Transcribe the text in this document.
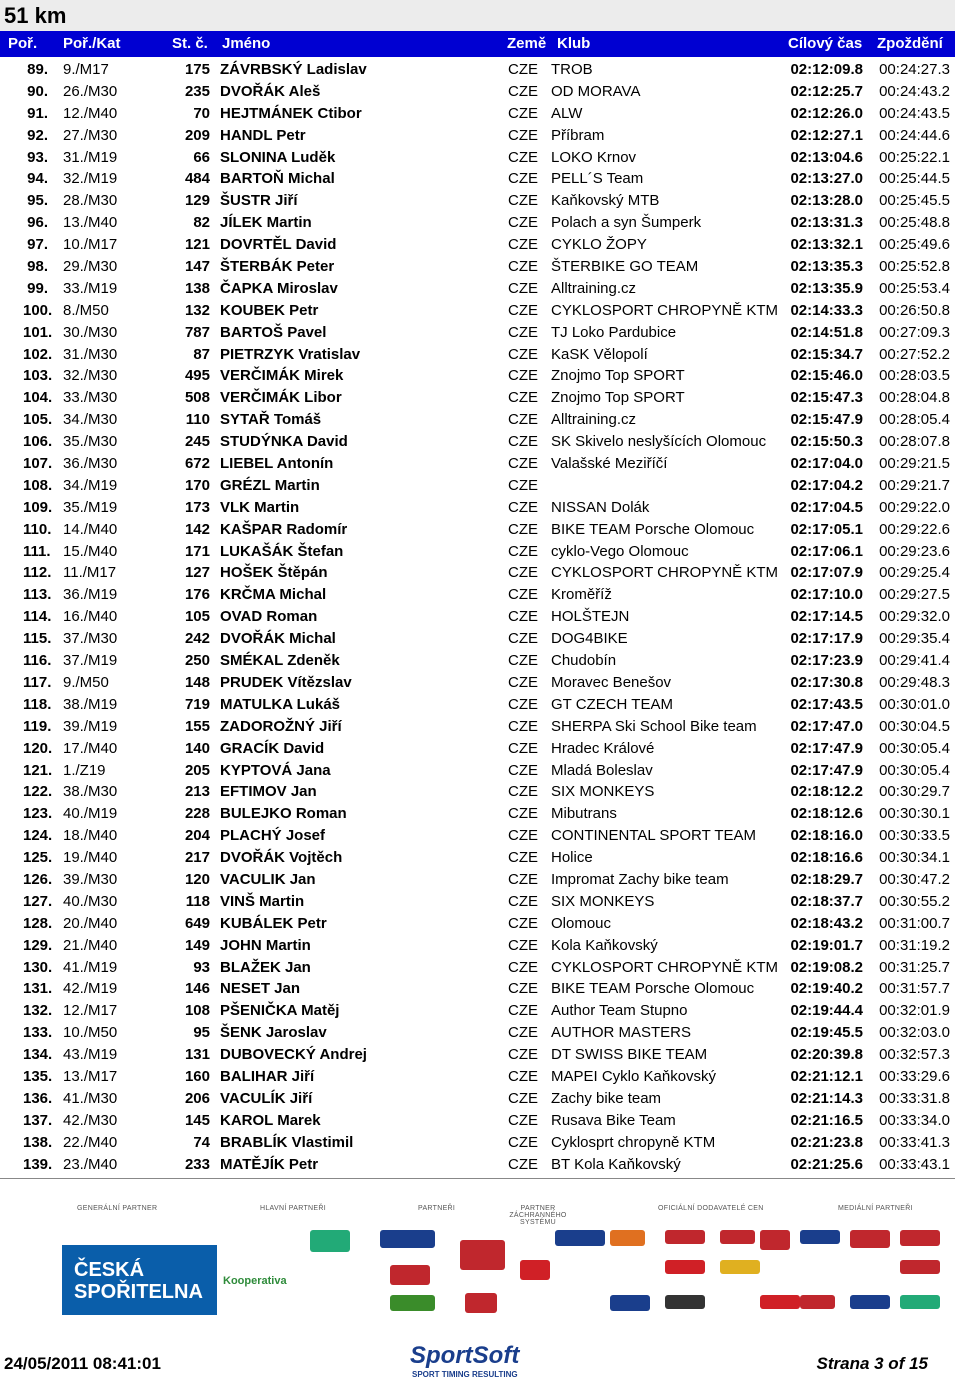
51 km
Poř. Poř./Kat	St. č. Jméno	Země Klub	Cílový čas Zpoždění
89. 9./M17	175 ZÁVRBSKÝ Ladislav	CZE TROB	02:12:09.8	00:24:27.3
90. 26./M30	235 DVOŘÁK Aleš	CZE OD MORAVA	02:12:25.7	00:24:43.2
91. 12./M40	70 HEJTMÁNEK Ctibor	CZE ALW	02:12:26.0	00:24:43.5
92. 27./M30	209 HANDL Petr	CZE Příbram	02:12:27.1	00:24:44.6
93. 31./M19	66 SLONINA Luděk	CZE LOKO Krnov	02:13:04.6	00:25:22.1
94. 32./M19	484 BARTOŇ Michal	CZE PELL´S Team	02:13:27.0	00:25:44.5
95. 28./M30	129 ŠUSTR Jiří	CZE Kaňkovský MTB	02:13:28.0	00:25:45.5
96. 13./M40	82 JÍLEK Martin	CZE Polach a syn Šumperk	02:13:31.3	00:25:48.8
97. 10./M17	121 DOVRTĚL David	CZE CYKLO ŽOPY	02:13:32.1	00:25:49.6
98. 29./M30	147 ŠTERBÁK Peter	CZE ŠTERBIKE GO TEAM	02:13:35.3	00:25:52.8
99. 33./M19	138 ČAPKA Miroslav	CZE Alltraining.cz	02:13:35.9	00:25:53.4
100. 8./M50	132 KOUBEK Petr	CZE CYKLOSPORT CHROPYNĚ KTM 02:14:33.3	00:26:50.8
101. 30./M30	787 BARTOŠ Pavel	CZE TJ Loko Pardubice	02:14:51.8	00:27:09.3
102. 31./M30	87 PIETRZYK Vratislav	CZE KaSK Vělopolí	02:15:34.7	00:27:52.2
103. 32./M30	495 VERČIMÁK Mirek	CZE Znojmo Top SPORT	02:15:46.0	00:28:03.5
104. 33./M30	508 VERČIMÁK Libor	CZE Znojmo Top SPORT	02:15:47.3	00:28:04.8
105. 34./M30	110 SYTAŘ Tomáš	CZE Alltraining.cz	02:15:47.9	00:28:05.4
106. 35./M30	245 STUDÝNKA David	CZE SK Skivelo neslyšících Olomouc	02:15:50.3	00:28:07.8
107. 36./M30	672 LIEBEL Antonín	CZE Valašské Meziříčí	02:17:04.0	00:29:21.5
108. 34./M19	170 GRÉZL Martin	CZE	02:17:04.2	00:29:21.7
109. 35./M19	173 VLK Martin	CZE NISSAN Dolák	02:17:04.5	00:29:22.0
110. 14./M40	142 KAŠPAR Radomír	CZE BIKE TEAM Porsche Olomouc	02:17:05.1	00:29:22.6
111. 15./M40	171 LUKAŠÁK Štefan	CZE cyklo-Vego Olomouc	02:17:06.1	00:29:23.6
112. 11./M17	127 HOŠEK Štěpán	CZE CYKLOSPORT CHROPYNĚ KTM 02:17:07.9	00:29:25.4
113. 36./M19	176 KRČMA Michal	CZE Kroměříž	02:17:10.0	00:29:27.5
114. 16./M40	105 OVAD Roman	CZE HOLŠTEJN	02:17:14.5	00:29:32.0
115. 37./M30	242 DVOŘÁK Michal	CZE DOG4BIKE	02:17:17.9	00:29:35.4
116. 37./M19	250 SMÉKAL Zdeněk	CZE Chudobín	02:17:23.9	00:29:41.4
117. 9./M50	148 PRUDEK Vítězslav	CZE Moravec Benešov	02:17:30.8	00:29:48.3
118. 38./M19	719 MATULKA Lukáš	CZE GT CZECH TEAM	02:17:43.5	00:30:01.0
119. 39./M19	155 ZADOROŽNÝ Jiří	CZE SHERPA Ski School Bike team	02:17:47.0	00:30:04.5
120. 17./M40	140 GRACÍK David	CZE Hradec Králové	02:17:47.9	00:30:05.4
121. 1./Z19	205 KYPTOVÁ Jana	CZE Mladá Boleslav	02:17:47.9	00:30:05.4
122. 38./M30	213 EFTIMOV Jan	CZE SIX MONKEYS	02:18:12.2	00:30:29.7
123. 40./M19	228 BULEJKO Roman	CZE Mibutrans	02:18:12.6	00:30:30.1
124. 18./M40	204 PLACHÝ Josef	CZE CONTINENTAL SPORT TEAM	02:18:16.0	00:30:33.5
125. 19./M40	217 DVOŘÁK Vojtěch	CZE Holice	02:18:16.6	00:30:34.1
126. 39./M30	120 VACULIK Jan	CZE Impromat Zachy bike team	02:18:29.7	00:30:47.2
127. 40./M30	118 VINŠ Martin	CZE SIX MONKEYS	02:18:37.7	00:30:55.2
128. 20./M40	649 KUBÁLEK Petr	CZE Olomouc	02:18:43.2	00:31:00.7
129. 21./M40	149 JOHN Martin	CZE Kola Kaňkovský	02:19:01.7	00:31:19.2
130. 41./M19	93 BLAŽEK Jan	CZE CYKLOSPORT CHROPYNĚ KTM 02:19:08.2	00:31:25.7
131. 42./M19	146 NESET Jan	CZE BIKE TEAM Porsche Olomouc	02:19:40.2	00:31:57.7
132. 12./M17	108 PŠENIČKA Matěj	CZE Author Team Stupno	02:19:44.4	00:32:01.9
133. 10./M50	95 ŠENK Jaroslav	CZE AUTHOR MASTERS	02:19:45.5	00:32:03.0
134. 43./M19	131 DUBOVECKÝ Andrej	CZE DT SWISS BIKE TEAM	02:20:39.8	00:32:57.3
135. 13./M17	160 BALIHAR Jiří	CZE MAPEI Cyklo Kaňkovský	02:21:12.1	00:33:29.6
136. 41./M30	206 VACULÍK Jiří	CZE Zachy bike team	02:21:14.3	00:33:31.8
137. 42./M30	145 KAROL Marek	CZE Rusava Bike Team	02:21:16.5	00:33:34.0
138. 22./M40	74 BRABLÍK Vlastimil	CZE Cyklosprt chropyně KTM	02:21:23.8	00:33:41.3
139. 23./M40	233 MATĚJÍK Petr	CZE BT Kola Kaňkovský	02:21:25.6	00:33:43.1
GENERÁLNÍ PARTNER	HLAVNÍ PARTNEŘI	PARTNEŘI	PARTNER ZÁCHRANNÉHO SYSTÉMU
OFICIÁLNÍ DODAVATELÉ CEN	MEDIÁLNÍ PARTNEŘI
ČESKÁ SPOŘITELNA	Kooperativa
24/05/2011 08:41:01	SportSoft
SPORT TIMING RESULTING
Strana 3 of 15
